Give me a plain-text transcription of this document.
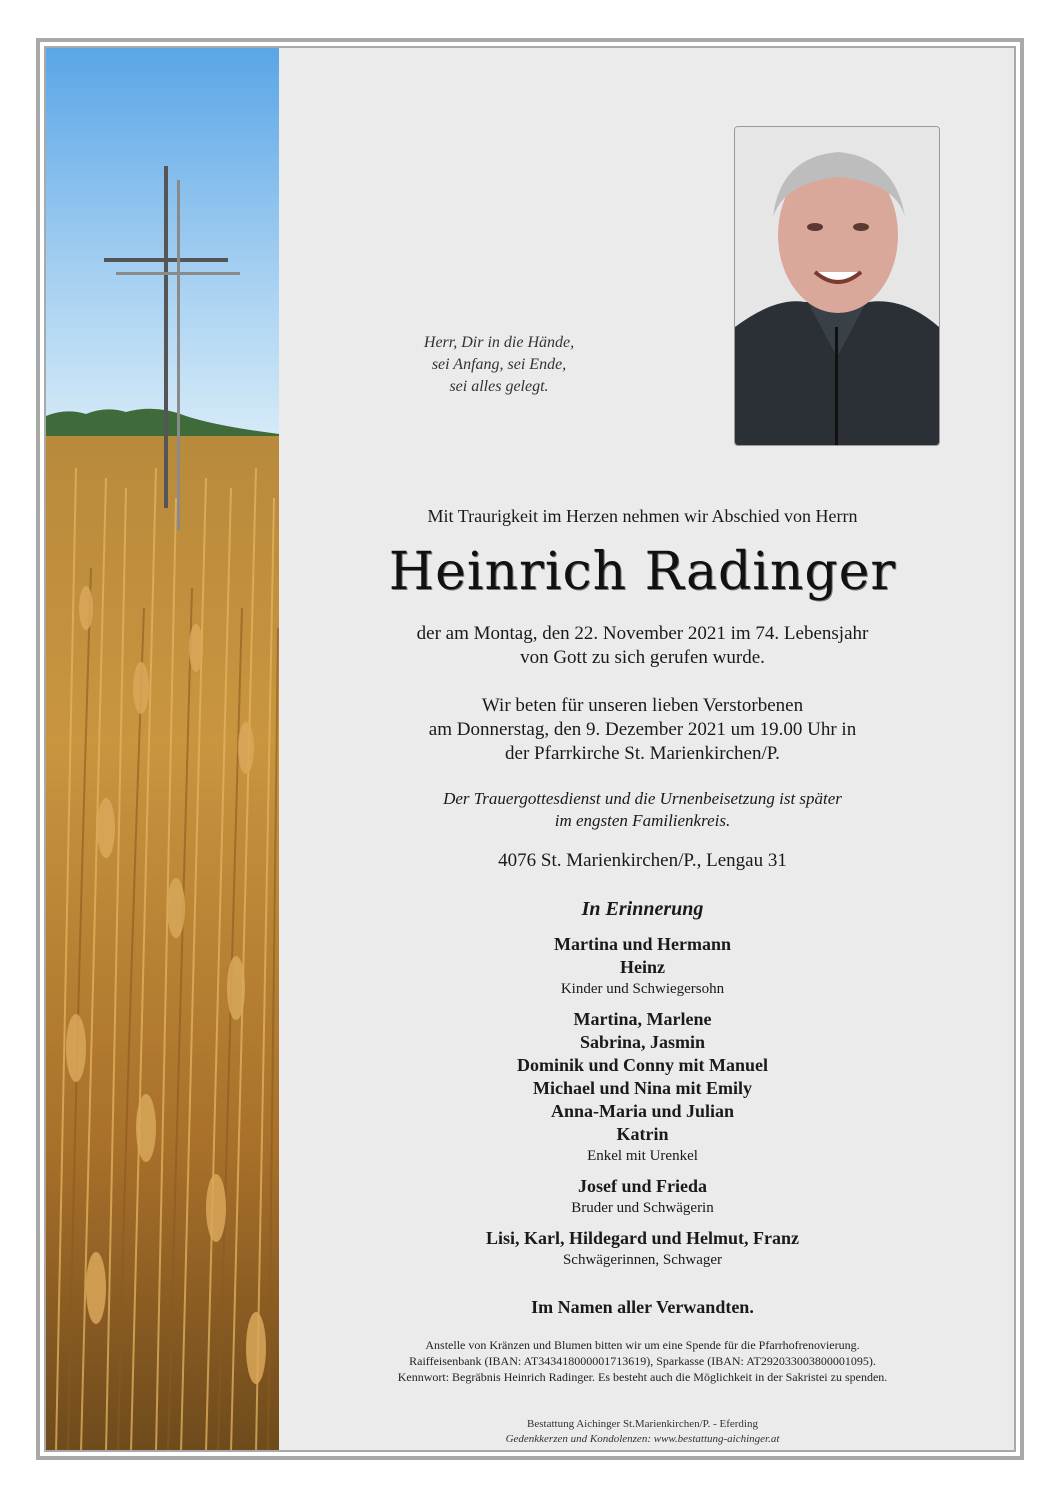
Herr, Dir in die Hände,
sei Anfang, sei Ende,
sei alles gelegt.
Mit Traurigkeit im Herzen nehmen wir Abschied von Herrn
Heinrich Radinger
der am Montag, den 22. November 2021 im 74. Lebensjahr
von Gott zu sich gerufen wurde.
Wir beten für unseren lieben Verstorbenen
am Donnerstag, den 9. Dezember 2021 um 19.00 Uhr in
der Pfarrkirche St. Marienkirchen/P.
Der Trauergottesdienst und die Urnenbeisetzung ist später
im engsten Familienkreis.
4076 St. Marienkirchen/P., Lengau 31
In Erinnerung
Martina und Hermann
Heinz
Kinder und Schwiegersohn
Martina, Marlene
Sabrina, Jasmin
Dominik und Conny mit Manuel
Michael und Nina mit Emily
Anna-Maria und Julian
Katrin
Enkel mit Urenkel
Josef und Frieda
Bruder und Schwägerin
Lisi, Karl, Hildegard und Helmut, Franz
Schwägerinnen, Schwager
Im Namen aller Verwandten.
Anstelle von Kränzen und Blumen bitten wir um eine Spende für die Pfarrhofrenovierung.
Raiffeisenbank (IBAN: AT343418000001713619), Sparkasse (IBAN: AT292033003800001095).
Kennwort: Begräbnis Heinrich Radinger. Es besteht auch die Möglichkeit in der Sakristei zu spenden.
Bestattung Aichinger St.Marienkirchen/P. - Eferding
Gedenkkerzen und Kondolenzen: www.bestattung-aichinger.at
